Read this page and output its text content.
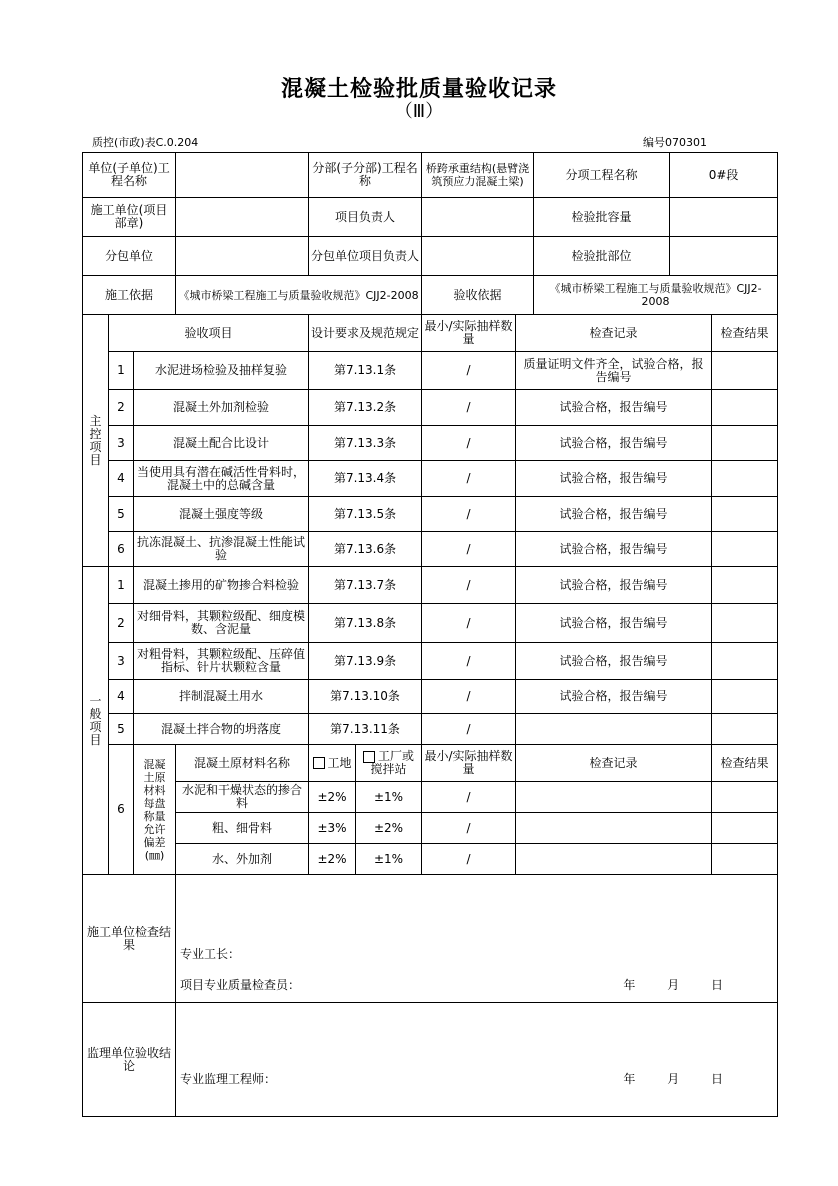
混凝土检验批质量验收记录
（Ⅲ）
质控(市政)表C.0.204	编号070301
单位(子单位)工程名称				分部(子分部)工程名称		桥跨承重结构(悬臂浇筑预应力混凝土梁)		分项工程名称	0#段	
施工单位(项目部章)				项目负责人				检验批容量		
分包单位				分包单位项目负责人				检验批部位		
施工依据			《城市桥梁工程施工与质量验收规范》CJJ2-2008			验收依据		《城市桥梁工程施工与质量验收规范》CJJ2-2008		
主控项目	验收项目			设计要求及规范规定		最小/实际抽样数量	检查记录			检查结果
	1	水泥进场检验及抽样复验		第7.13.1条		/	质量证明文件齐全，试验合格，报告编号			
	2	混凝土外加剂检验		第7.13.2条		/	试验合格，报告编号			
	3	混凝土配合比设计		第7.13.3条		/	试验合格，报告编号			
	4	当使用具有潜在碱活性骨料时，混凝土中的总碱含量		第7.13.4条		/	试验合格，报告编号			
	5	混凝土强度等级		第7.13.5条		/	试验合格，报告编号			
	6	抗冻混凝土、抗渗混凝土性能试验		第7.13.6条		/	试验合格，报告编号			
一般项目	1	混凝土掺用的矿物掺合料检验		第7.13.7条		/	试验合格，报告编号			
	2	对细骨料，其颗粒级配、细度模数、含泥量		第7.13.8条		/	试验合格，报告编号			
	3	对粗骨料，其颗粒级配、压碎值指标、针片状颗粒含量		第7.13.9条		/	试验合格，报告编号			
	4	拌制混凝土用水		第7.13.10条		/	试验合格，报告编号			
	5	混凝土拌合物的坍落度		第7.13.11条		/				
	6	混凝土原材料每盘称量允许偏差(㎜)	混凝土原材料名称	工地	工厂或搅拌站	最小/实际抽样数量	检查记录			检查结果
			水泥和干燥状态的掺合料	±2%	±1%	/				
			粗、细骨料	±3%	±2%	/				
			水、外加剂	±2%	±1%	/				
施工单位检查结果			专业工长：
项目专业质量检查员： 年 月 日							

监理单位验收结论			专业监理工程师： 年 月 日							
